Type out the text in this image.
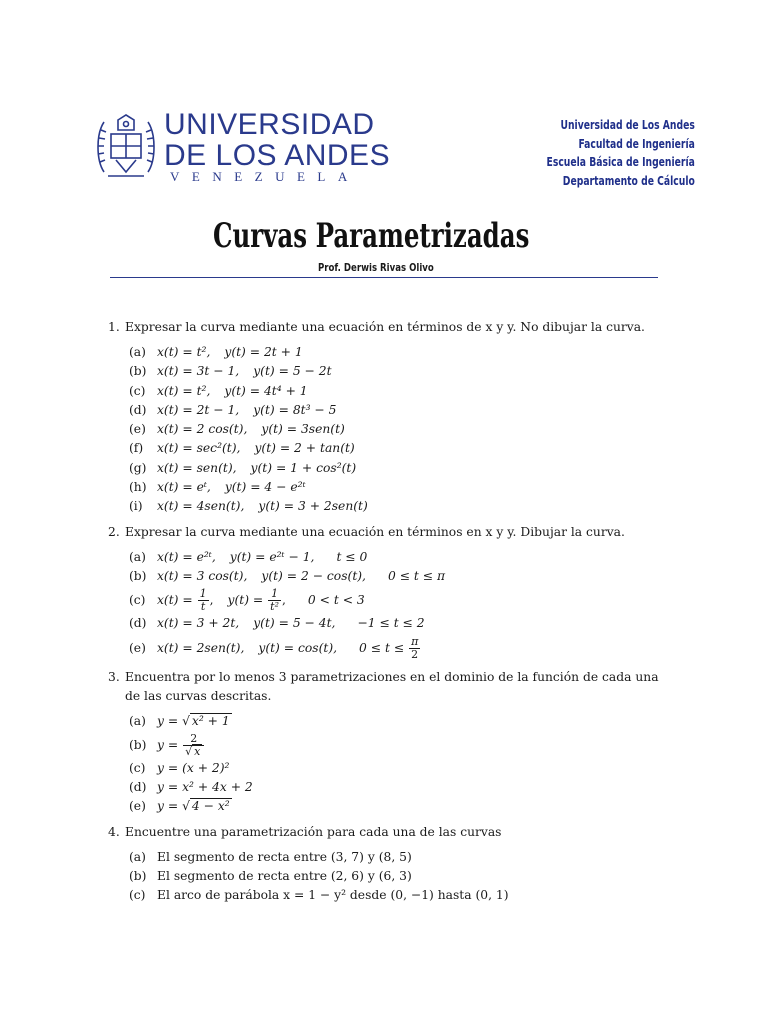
UNIVERSIDAD
DE LOS ANDES
VENEZUELA
Universidad de Los Andes
Facultad de Ingeniería
Escuela Básica de Ingeniería
Departamento de Cálculo
Curvas Parametrizadas
Prof. Derwis Rivas Olivo
1. Expresar la curva mediante una ecuación en términos de x y y. No dibujar la curva.

(a) x(t) = t², y(t) = 2t + 1
(b) x(t) = 3t − 1, y(t) = 5 − 2t
(c) x(t) = t², y(t) = 4t⁴ + 1
(d) x(t) = 2t − 1, y(t) = 8t³ − 5
(e) x(t) = 2 cos(t), y(t) = 3sen(t)
(f) x(t) = sec²(t), y(t) = 2 + tan(t)
(g) x(t) = sen(t), y(t) = 1 + cos²(t)
(h) x(t) = eᵗ, y(t) = 4 − e²ᵗ
(i) x(t) = 4sen(t), y(t) = 3 + 2sen(t)
2. Expresar la curva mediante una ecuación en términos en x y y. Dibujar la curva.

(a) x(t) = e²ᵗ, y(t) = e²ᵗ − 1, t ≤ 0
(b) x(t) = 3 cos(t), y(t) = 2 − cos(t), 0 ≤ t ≤ π
(c) $x(t) = \frac{1}{t}$ , $y(t) = \frac{1}{\text{t²}}$ , 0 < t < 3
(d) x(t) = 3 + 2t, y(t) = 5 − 4t, −1 ≤ t ≤ 2
(e) x(t) = 2sen(t), y(t) = cos(t), $0 \le t \le \frac{\pi}{2}$
3. Encuentra por lo menos 3 parametrizaciones en el dominio de la función de cada una de las curvas descritas.

(a) y = √ x² + 1
(b) $y = \frac{2}{√ x}$
(c) y = (x + 2)²
(d) y = x² + 4x + 2
(e) y = √ 4 − x²
4. Encuentre una parametrización para cada una de las curvas

(a) El segmento de recta entre (3, 7) y (8, 5)
(b) El segmento de recta entre (2, 6) y (6, 3)
(c) El arco de parábola x = 1 − y² desde (0, −1) hasta (0, 1)
